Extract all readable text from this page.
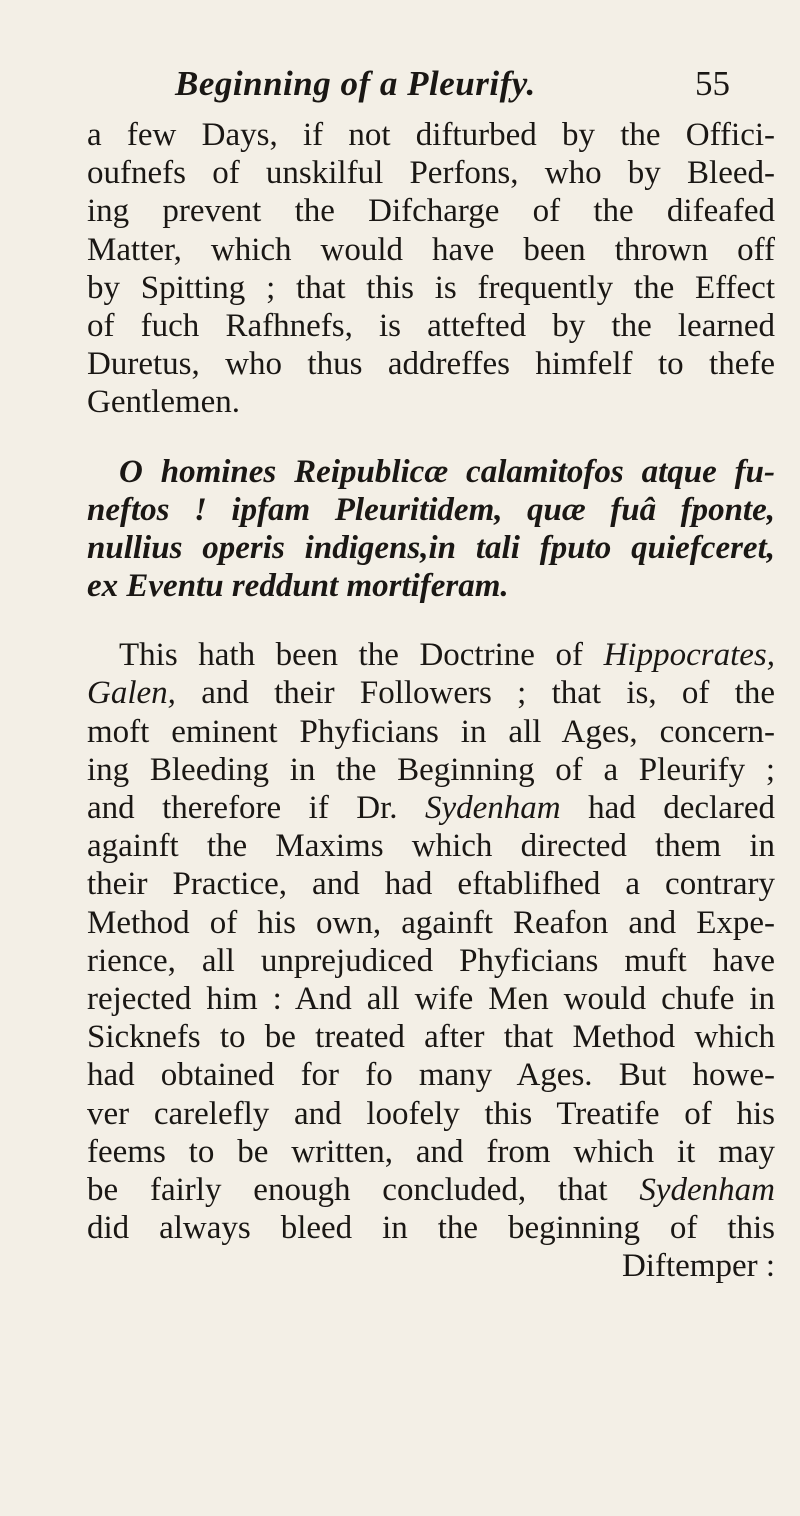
Beginning of a Pleurify.	55
a few Days, if not difturbed by the Offici-
oufnefs of unskilful Perfons, who by Bleed-
ing prevent the Difcharge of the difeafed
Matter, which would have been thrown off
by Spitting ; that this is frequently the Effect
of fuch Rafhnefs, is attefted by the learned
Duretus, who thus addreffes himfelf to thefe
Gentlemen.
O homines Reipublicæ calamitofos atque fu-
neftos ! ipfam Pleuritidem, quæ fuâ fponte,
nullius operis indigens,in tali fputo quiefceret,
ex Eventu reddunt mortiferam.
This hath been the Doctrine of Hippocrates,
Galen, and their Followers ; that is, of the
moft eminent Phyficians in all Ages, concern-
ing Bleeding in the Beginning of a Pleurify ;
and therefore if Dr. Sydenham had declared
againft the Maxims which directed them in
their Practice, and had eftablifhed a contrary
Method of his own, againft Reafon and Expe-
rience, all unprejudiced Phyficians muft have
rejected him : And all wife Men would chufe in
Sicknefs to be treated after that Method which
had obtained for fo many Ages. But howe-
ver carelefly and loofely this Treatife of his
feems to be written, and from which it may
be fairly enough concluded, that Sydenham
did always bleed in the beginning of this
Diftemper :
